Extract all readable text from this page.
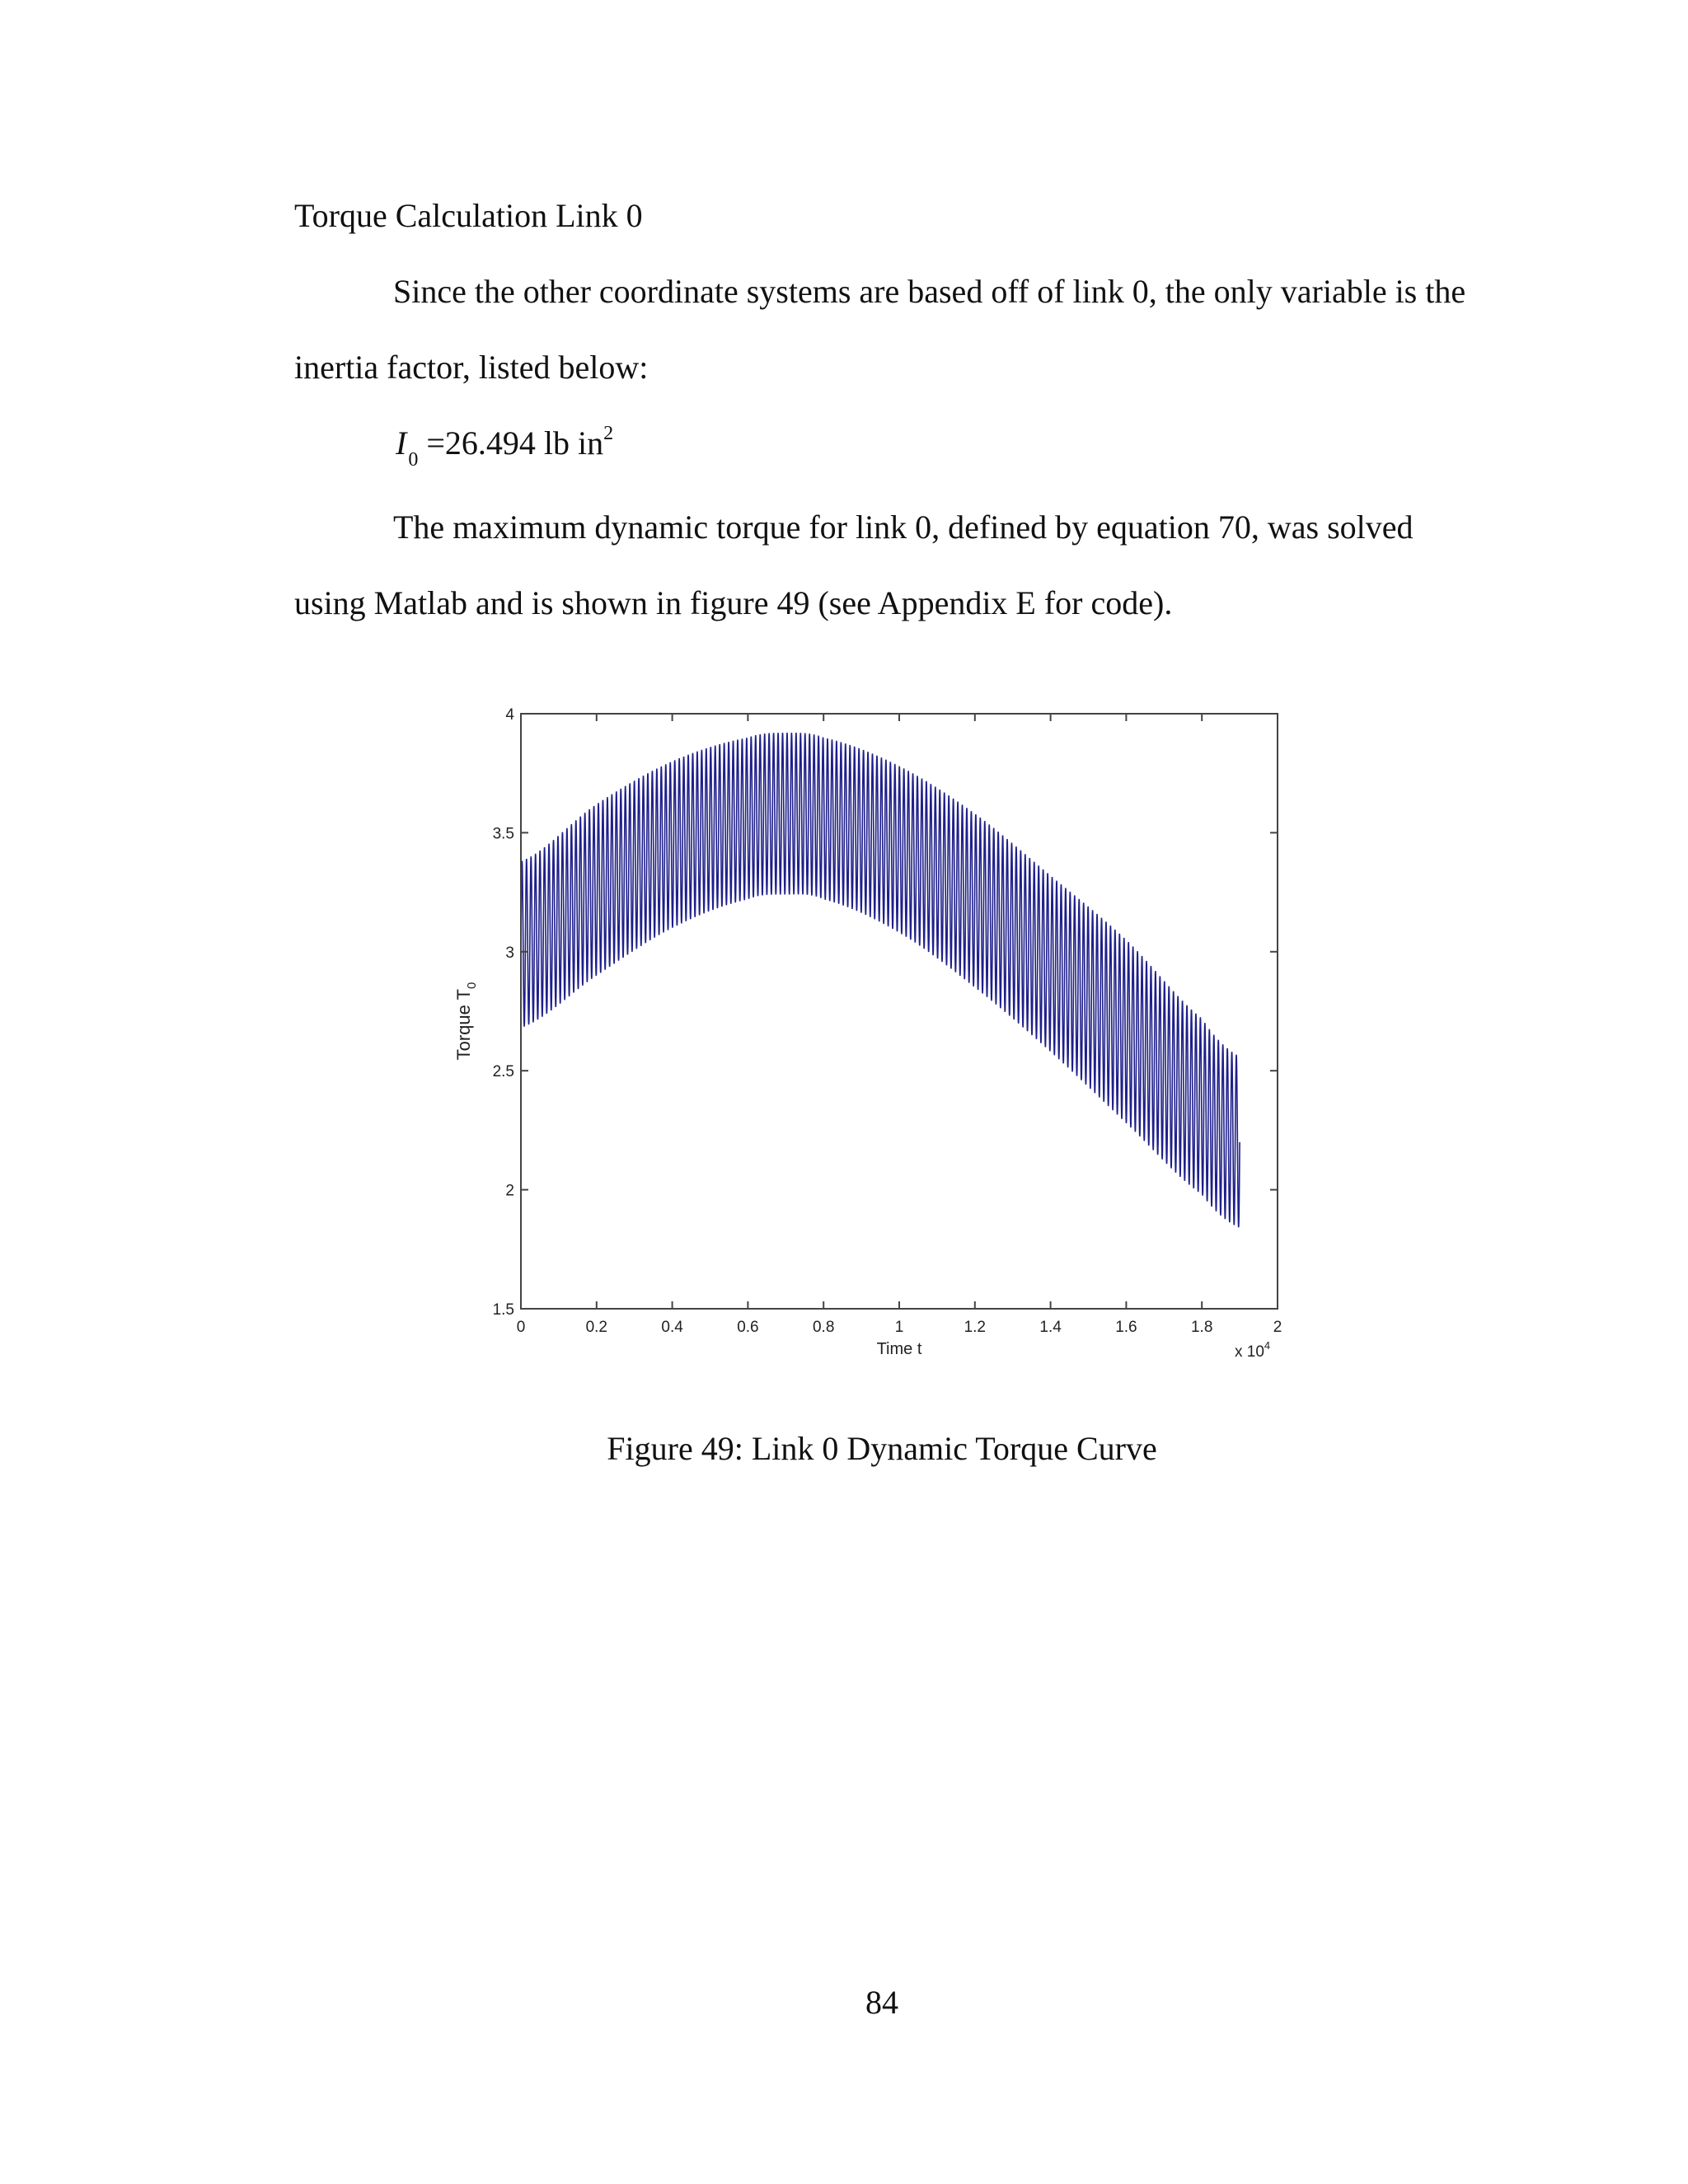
Torque Calculation Link 0
Since the other coordinate systems are based off of link 0, the only variable is the
inertia factor, listed below:
$I_0 =26.494$ lb $in^2$
The maximum dynamic torque for link 0, defined by equation 70, was solved
using Matlab and is shown in figure 49 (see Appendix E for code).
0	0.2	0.4	0.6	0.8	1	1.2	1.4	1.6	1.8	2
1.5
2
2.5
3
3.5
4
Time t
Torque $T_0$
x $10^4$
Figure 49: Link 0 Dynamic Torque Curve
84
